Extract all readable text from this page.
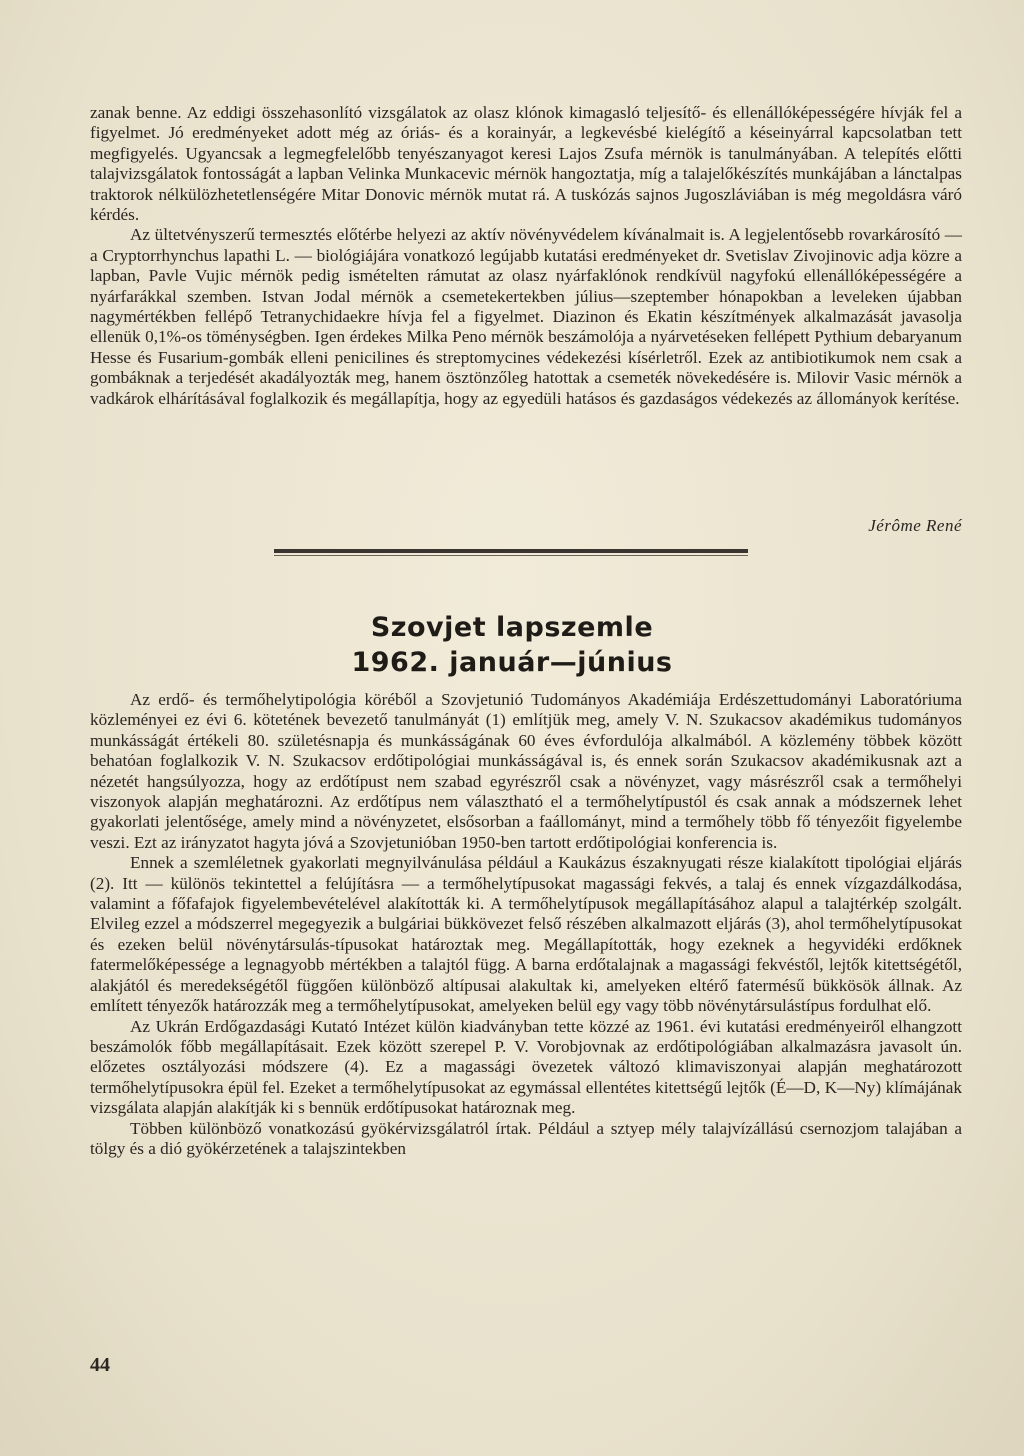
zanak benne. Az eddigi összehasonlító vizsgálatok az olasz klónok kimagasló teljesítő- és ellenállóképességére hívják fel a figyelmet. Jó eredményeket adott még az óriás- és a korainyár, a legkevésbé kielégítő a késeinyárral kapcsolatban tett megfigyelés. Ugyancsak a legmegfelelőbb tenyészanyagot keresi Lajos Zsufa mérnök is tanulmányában. A telepítés előtti talajvizsgálatok fontosságát a lapban Velinka Munkacevic mérnök hangoztatja, míg a talajelőkészítés munkájában a lánctalpas traktorok nélkülözhetetlenségére Mitar Donovic mérnök mutat rá. A tuskózás sajnos Jugoszláviában is még megoldásra váró kérdés.

Az ültetvényszerű termesztés előtérbe helyezi az aktív növényvédelem kívánalmait is. A legjelentősebb rovarkárosító — a Cryptorrhynchus lapathi L. — biológiájára vonatkozó legújabb kutatási eredményeket dr. Svetislav Zivojinovic adja közre a lapban, Pavle Vujic mérnök pedig ismételten rámutat az olasz nyárfaklónok rendkívül nagyfokú ellenállóképességére a nyárfarákkal szemben. Istvan Jodal mérnök a csemetekertekben július—szeptember hónapokban a leveleken újabban nagymértékben fellépő Tetranychidaekre hívja fel a figyelmet. Diazinon és Ekatin készítmények alkalmazását javasolja ellenük 0,1%-os töménységben. Igen érdekes Milka Peno mérnök beszámolója a nyárvetéseken fellépett Pythium debaryanum Hesse és Fusarium-gombák elleni penicilines és streptomycines védekezési kísérletről. Ezek az antibiotikumok nem csak a gombáknak a terjedését akadályozták meg, hanem ösztönzőleg hatottak a csemeték növekedésére is. Milovir Vasic mérnök a vadkárok elhárításával foglalkozik és megállapítja, hogy az egyedüli hatásos és gazdaságos védekezés az állományok kerítése.

Jérôme René
Szovjet lapszemle
1962. január—június

Az erdő- és termőhelytipológia köréből a Szovjetunió Tudományos Akadémiája Erdészettudományi Laboratóriuma közleményei ez évi 6. kötetének bevezető tanulmányát (1) említjük meg, amely V. N. Szukacsov akadémikus tudományos munkásságát értékeli 80. születésnapja és munkásságának 60 éves évfordulója alkalmából. A közlemény többek között behatóan foglalkozik V. N. Szukacsov erdőtipológiai munkásságával is, és ennek során Szukacsov akadémikusnak azt a nézetét hangsúlyozza, hogy az erdőtípust nem szabad egyrészről csak a növényzet, vagy másrészről csak a termőhelyi viszonyok alapján meghatározni. Az erdőtípus nem választható el a termőhelytípustól és csak annak a módszernek lehet gyakorlati jelentősége, amely mind a növényzetet, elsősorban a faállományt, mind a termőhely több fő tényezőit figyelembe veszi. Ezt az irányzatot hagyta jóvá a Szovjetunióban 1950-ben tartott erdőtipológiai konferencia is.

Ennek a szemléletnek gyakorlati megnyilvánulása például a Kaukázus északnyugati része kialakított tipológiai eljárás (2). Itt — különös tekintettel a felújításra — a termőhelytípusokat magassági fekvés, a talaj és ennek vízgazdálkodása, valamint a főfafajok figyelembevételével alakították ki. A termőhelytípusok megállapításához alapul a talajtérkép szolgált. Elvileg ezzel a módszerrel megegyezik a bulgáriai bükkövezet felső részében alkalmazott eljárás (3), ahol termőhelytípusokat és ezeken belül növénytársulás-típusokat határoztak meg. Megállapították, hogy ezeknek a hegyvidéki erdőknek fatermelőképessége a legnagyobb mértékben a talajtól függ. A barna erdőtalajnak a magassági fekvéstől, lejtők kitettségétől, alakjától és meredekségétől függően különböző altípusai alakultak ki, amelyeken eltérő fatermésű bükkösök állnak. Az említett tényezők határozzák meg a termőhelytípusokat, amelyeken belül egy vagy több növénytársulástípus fordulhat elő.

Az Ukrán Erdőgazdasági Kutató Intézet külön kiadványban tette közzé az 1961. évi kutatási eredményeiről elhangzott beszámolók főbb megállapításait. Ezek között szerepel P. V. Vorobjovnak az erdőtipológiában alkalmazásra javasolt ún. előzetes osztályozási módszere (4). Ez a magassági övezetek változó klimaviszonyai alapján meghatározott termőhelytípusokra épül fel. Ezeket a termőhelytípusokat az egymással ellentétes kitettségű lejtők (É—D, K—Ny) klímájának vizsgálata alapján alakítják ki s bennük erdőtípusokat határoznak meg.

Többen különböző vonatkozású gyökérvizsgálatról írtak. Például a sztyep mély talajvízállású csernozjom talajában a tölgy és a dió gyökérzetének a talajszintekben

44
